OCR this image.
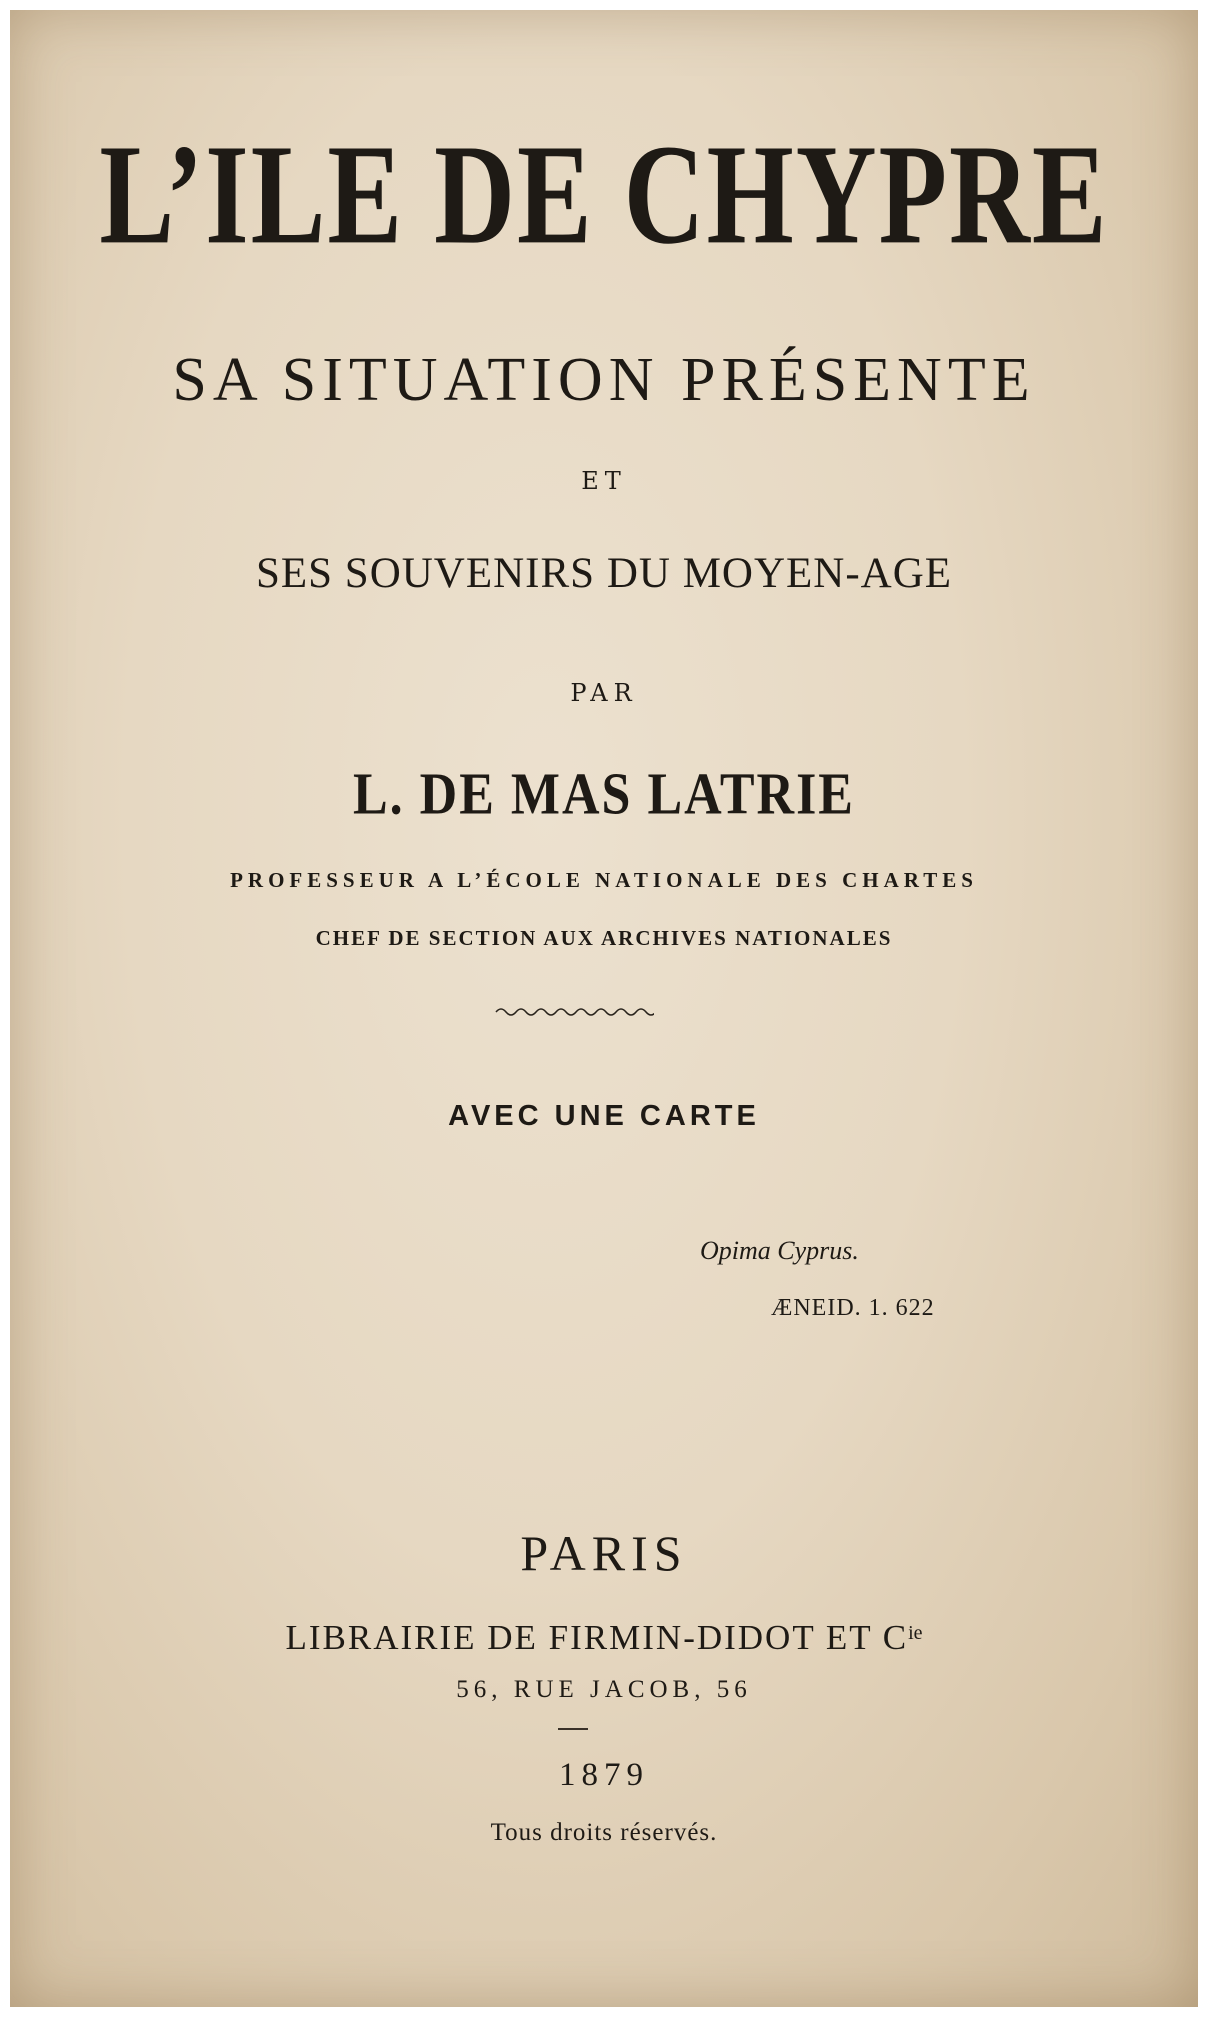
L’ILE DE CHYPRE
SA SITUATION PRÉSENTE
ET
SES SOUVENIRS DU MOYEN-AGE
PAR
L. DE MAS LATRIE
PROFESSEUR A L’ÉCOLE NATIONALE DES CHARTES
CHEF DE SECTION AUX ARCHIVES NATIONALES
AVEC UNE CARTE
Opima Cyprus.
ÆNEID. 1. 622
PARIS
LIBRAIRIE DE FIRMIN-DIDOT ET $C^{ie}$
56, RUE JACOB, 56
1879
Tous droits réservés.
